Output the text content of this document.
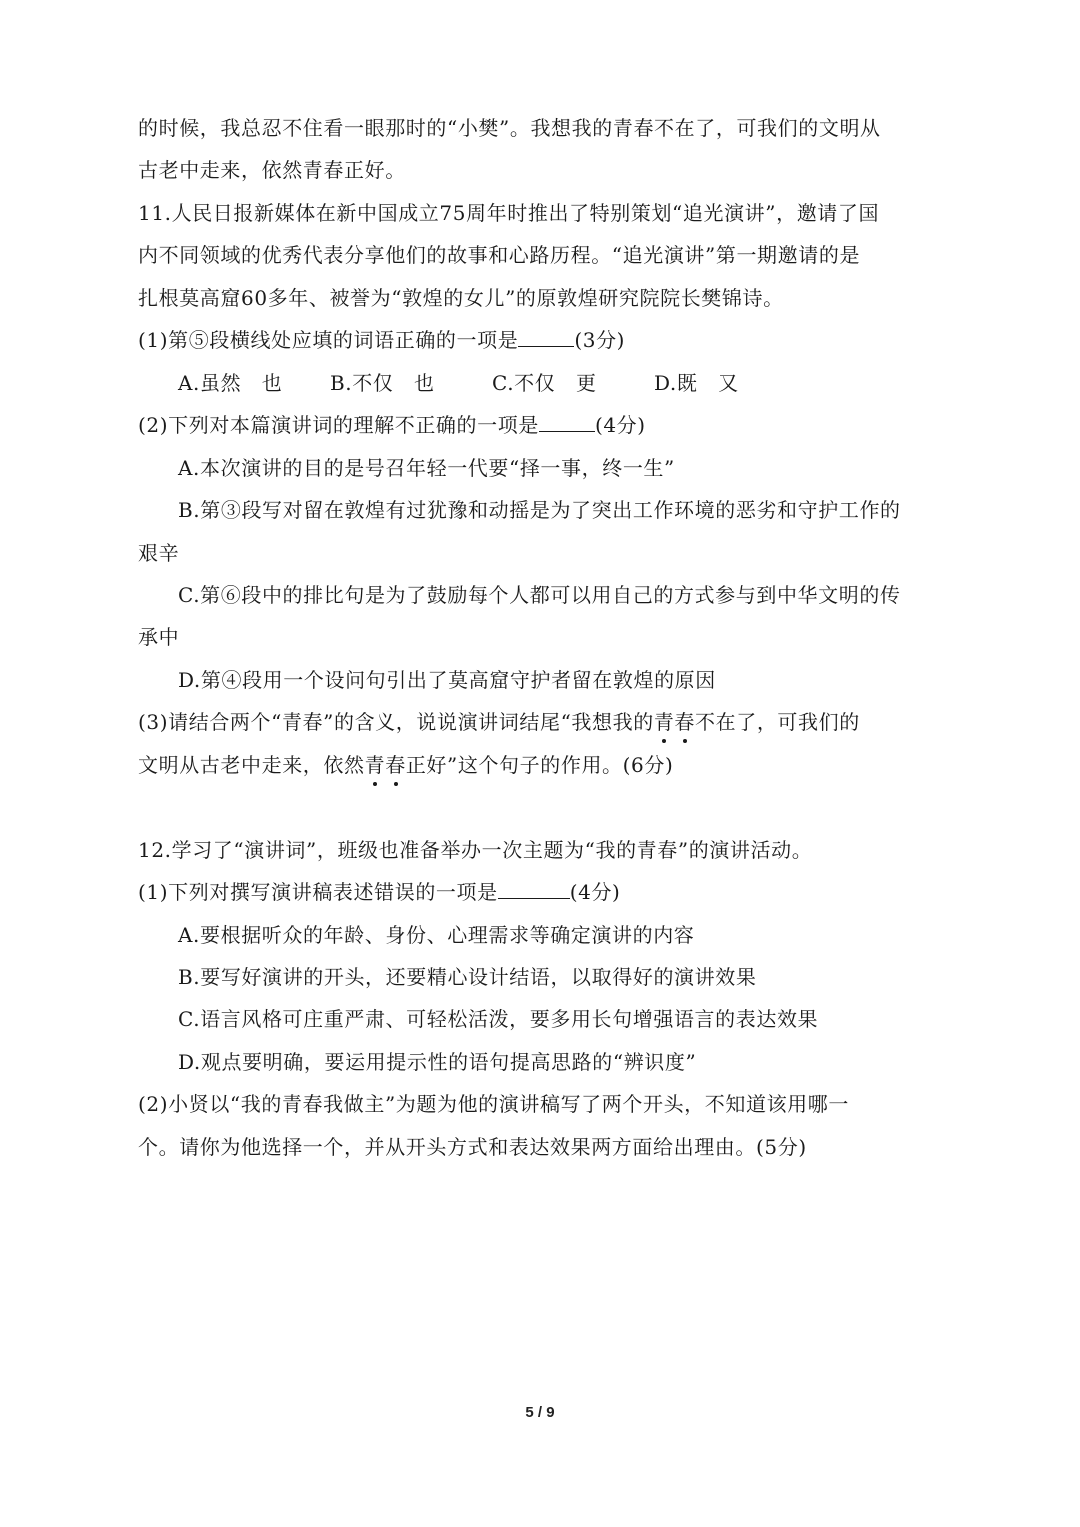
的时候，我总忍不住看一眼那时的“小樊”。我想我的青春不在了，可我们的文明从
古老中走来，依然青春正好。
11.人民日报新媒体在新中国成立75周年时推出了特别策划“追光演讲”，邀请了国
内不同领域的优秀代表分享他们的故事和心路历程。“追光演讲”第一期邀请的是
扎根莫高窟60多年、被誉为“敦煌的女儿”的原敦煌研究院院长樊锦诗。
(1)第⑤段横线处应填的词语正确的一项是	(3分)
A.虽然　也 B.不仅　也	C.不仅　更	D.既　又
(2)下列对本篇演讲词的理解不正确的一项是	(4分)
A.本次演讲的目的是号召年轻一代要“择一事，终一生”
B.第③段写对留在敦煌有过犹豫和动摇是为了突出工作环境的恶劣和守护工作的
艰辛
C.第⑥段中的排比句是为了鼓励每个人都可以用自己的方式参与到中华文明的传
承中
D.第④段用一个设问句引出了莫高窟守护者留在敦煌的原因
(3)请结合两个“青春”的含义，说说演讲词结尾“我想我的青春不在了，可我们的
文明从古老中走来，依然青春正好”这个句子的作用。(6分)
12.学习了“演讲词”，班级也准备举办一次主题为“我的青春”的演讲活动。
(1)下列对撰写演讲稿表述错误的一项是	(4分)
A.要根据听众的年龄、身份、心理需求等确定演讲的内容
B.要写好演讲的开头，还要精心设计结语，以取得好的演讲效果
C.语言风格可庄重严肃、可轻松活泼，要多用长句增强语言的表达效果
D.观点要明确，要运用提示性的语句提高思路的“辨识度”
(2)小贤以“我的青春我做主”为题为他的演讲稿写了两个开头，不知道该用哪一
个。请你为他选择一个，并从开头方式和表达效果两方面给出理由。(5分)
5 / 9
